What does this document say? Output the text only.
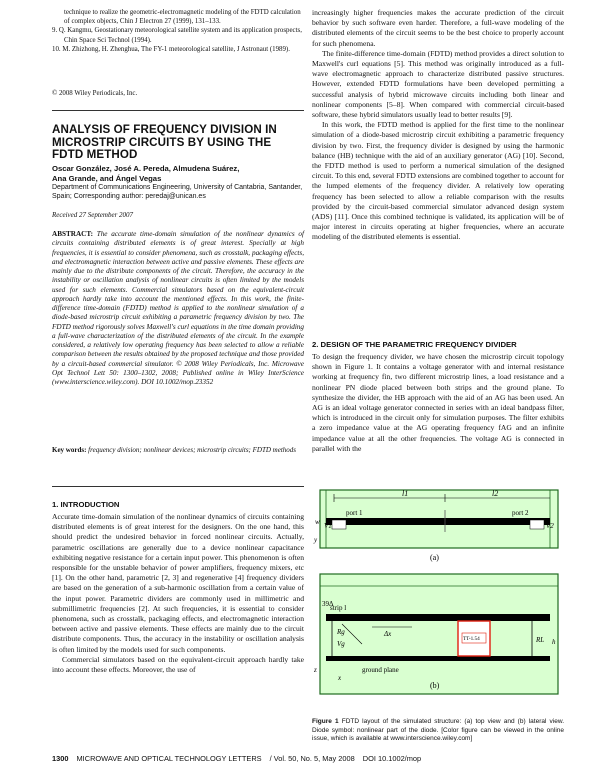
technique to realize the geometric-electromagnetic modeling of the FDTD calculation of complex objects, Chin J Electron 27 (1999), 131–133.

9. Q. Kangmu, Geostationary meteorological satellite system and its application prospects, Chin Space Sci Technol (1994).

10. M. Zhizhong, H. Zhenghua, The FY-1 meteorological satellite, J Astronaut (1989).

© 2008 Wiley Periodicals, Inc.
ANALYSIS OF FREQUENCY DIVISION IN MICROSTRIP CIRCUITS BY USING THE FDTD METHOD
Oscar González, José A. Pereda, Almudena Suárez,
Ana Grande, and Ángel Vegas

Department of Communications Engineering, University of Cantabria, Santander, Spain; Corresponding author: peredaj@unican.es

Received 27 September 2007

ABSTRACT: The accurate time-domain simulation of the nonlinear dynamics of circuits containing distributed elements is of great interest. Specially at high frequencies, it is essential to consider phenomena, such as crosstalk, packaging effects, and electromagnetic interaction between active and passive elements. These effects are mainly due to the distribute components of the circuit. Therefore, the accuracy in the instability or oscillation analysis of nonlinear circuits is often limited by the models used for such elements. Commercial simulators based on the equivalent-circuit approach hardly take into account the mentioned effects. In this work, the finite-difference time-domain (FDTD) method is applied to the nonlinear simulation of a diode-based microstrip circuit exhibiting a parametric frequency division by two. The FDTD method rigorously solves Maxwell's curl equations in the time domain providing a full-wave characterization of the distributed elements of the circuit. In the example considered, a relatively low operating frequency has been selected to allow a reliable comparison between the results obtained by the proposed technique and those provided by a circuit-based commercial simulator. © 2008 Wiley Periodicals, Inc. Microwave Opt Technol Lett 50: 1300–1302, 2008; Published online in Wiley InterScience (www.interscience.wiley.com). DOI 10.1002/mop.23352

Key words: frequency division; nonlinear devices; microstrip circuits; FDTD methods

1. INTRODUCTION

Accurate time-domain simulation of the nonlinear dynamics of circuits containing distributed elements is of great interest for the designers. On the one hand, this should predict the undesired behavior in forced nonlinear circuits. Actually, parametric oscillations are generally due to a device nonlinear capacitance exhibiting negative resistance for a certain input power. This phenomenon is often responsible for the unstable behavior of power amplifiers, frequency mixers, etc [1]. On the other hand, parametric [2, 3] and regenerative [4] frequency dividers are based on the generation of a sub-harmonic oscillation from a certain value of the input power. Parametric dividers are commonly used in millimetric and submillimetric frequencies [2]. At such frequencies, it is essential to consider phenomena, such as crosstalk, packaging effects, and electromagnetic interaction between active and passive elements. These effects are mainly due to the circuit distribute components. Thus, the accuracy in the instability or oscillation analysis is often limited by the models used for such components.

Commercial simulators based on the equivalent-circuit approach hardly take into account these effects. Moreover, the use of

increasingly higher frequencies makes the accurate prediction of the circuit behavior by such software even harder. Therefore, a full-wave modeling of the distributed elements of the circuit seems to be the best choice to properly account for such phenomena.

The finite-difference time-domain (FDTD) method provides a direct solution to Maxwell's curl equations [5]. This method was originally introduced as a full-wave electromagnetic approach to characterize distributed passive structures. However, extended FDTD formulations have been developed permitting a successful analysis of hybrid microwave circuits including both linear and nonlinear components [5–8]. When compared with commercial circuit-based software, these hybrid simulators usually lead to better results [9].

In this work, the FDTD method is applied for the first time to the nonlinear simulation of a diode-based microstrip circuit exhibiting a parametric frequency division by two. First, the frequency divider is designed by using the harmonic balance (HB) technique with the aid of an auxiliary generator (AG) [10]. Second, the FDTD method is used to perform a numerical simulation of the designed circuit. To this end, several FDTD extensions are combined together to account for the lumped elements of the frequency divider. A relatively low operating frequency has been selected to allow a reliable comparison with the results provided by the circuit-based commercial simulator advanced design system (ADS) [11]. Once this combined technique is validated, its application will be of major interest in circuits operating at higher frequencies, where an accurate modeling of the distributed elements is essential.

2. DESIGN OF THE PARAMETRIC FREQUENCY DIVIDER

To design the frequency divider, we have chosen the microstrip circuit topology shown in Figure 1. It contains a voltage generator with and internal resistance working at frequency fin, two different microstrip lines, a load resistance and a nonlinear PN diode placed between both strips and the ground plane. To synthesize the divider, the HB approach with the aid of an AG has been used. An AG is an ideal voltage generator connected in series with an ideal bandpass filter, which is introduced in the circuit only for simulation purposes. The filter exhibits a zero impedance value at the AG operating frequency fAG and an infinite impedance value at all the other frequencies. The voltage AG is connected in parallel with the

port 1	port 2
l1	l2
V1	V2
w
y
(a)
TT-1.54
39Δ
strip l
Δx
Rg
Vg	RL h
z
x
ground plane
(b)

Figure 1 FDTD layout of the simulated structure: (a) top view and (b) lateral view. Diode symbol: nonlinear part of the diode. [Color figure can be viewed in the online issue, which is available at www.interscience.wiley.com]

1300 MICROWAVE AND OPTICAL TECHNOLOGY LETTERS / Vol. 50, No. 5, May 2008 DOI 10.1002/mop
